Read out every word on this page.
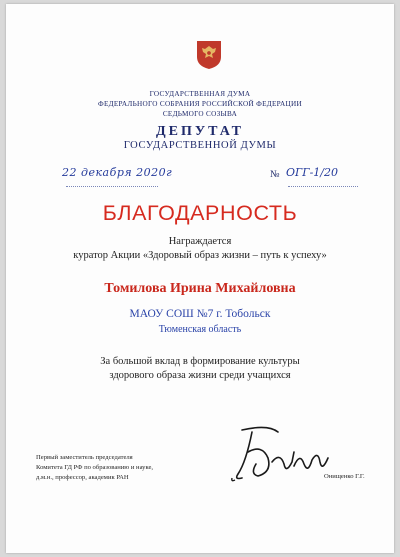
ГОСУДАРСТВЕННАЯ ДУМА
ФЕДЕРАЛЬНОГО СОБРАНИЯ РОССИЙСКОЙ ФЕДЕРАЦИИ
СЕДЬМОГО СОЗЫВА
ДЕПУТАТ
ГОСУДАРСТВЕННОЙ ДУМЫ
22 декабря 2020г	№ ОГГ-1/20
БЛАГОДАРНОСТЬ
Награждается
куратор Акции «Здоровый образ жизни – путь к успеху»
Томилова Ирина Михайловна
МАОУ СОШ №7 г. Тобольск
Тюменская область
За большой вклад в формирование культуры
здорового образа жизни среди учащихся
Первый заместитель председателя
Комитета ГД РФ по образованию и науке,
д.м.н., профессор, академик РАН	Онищенко Г.Г.
